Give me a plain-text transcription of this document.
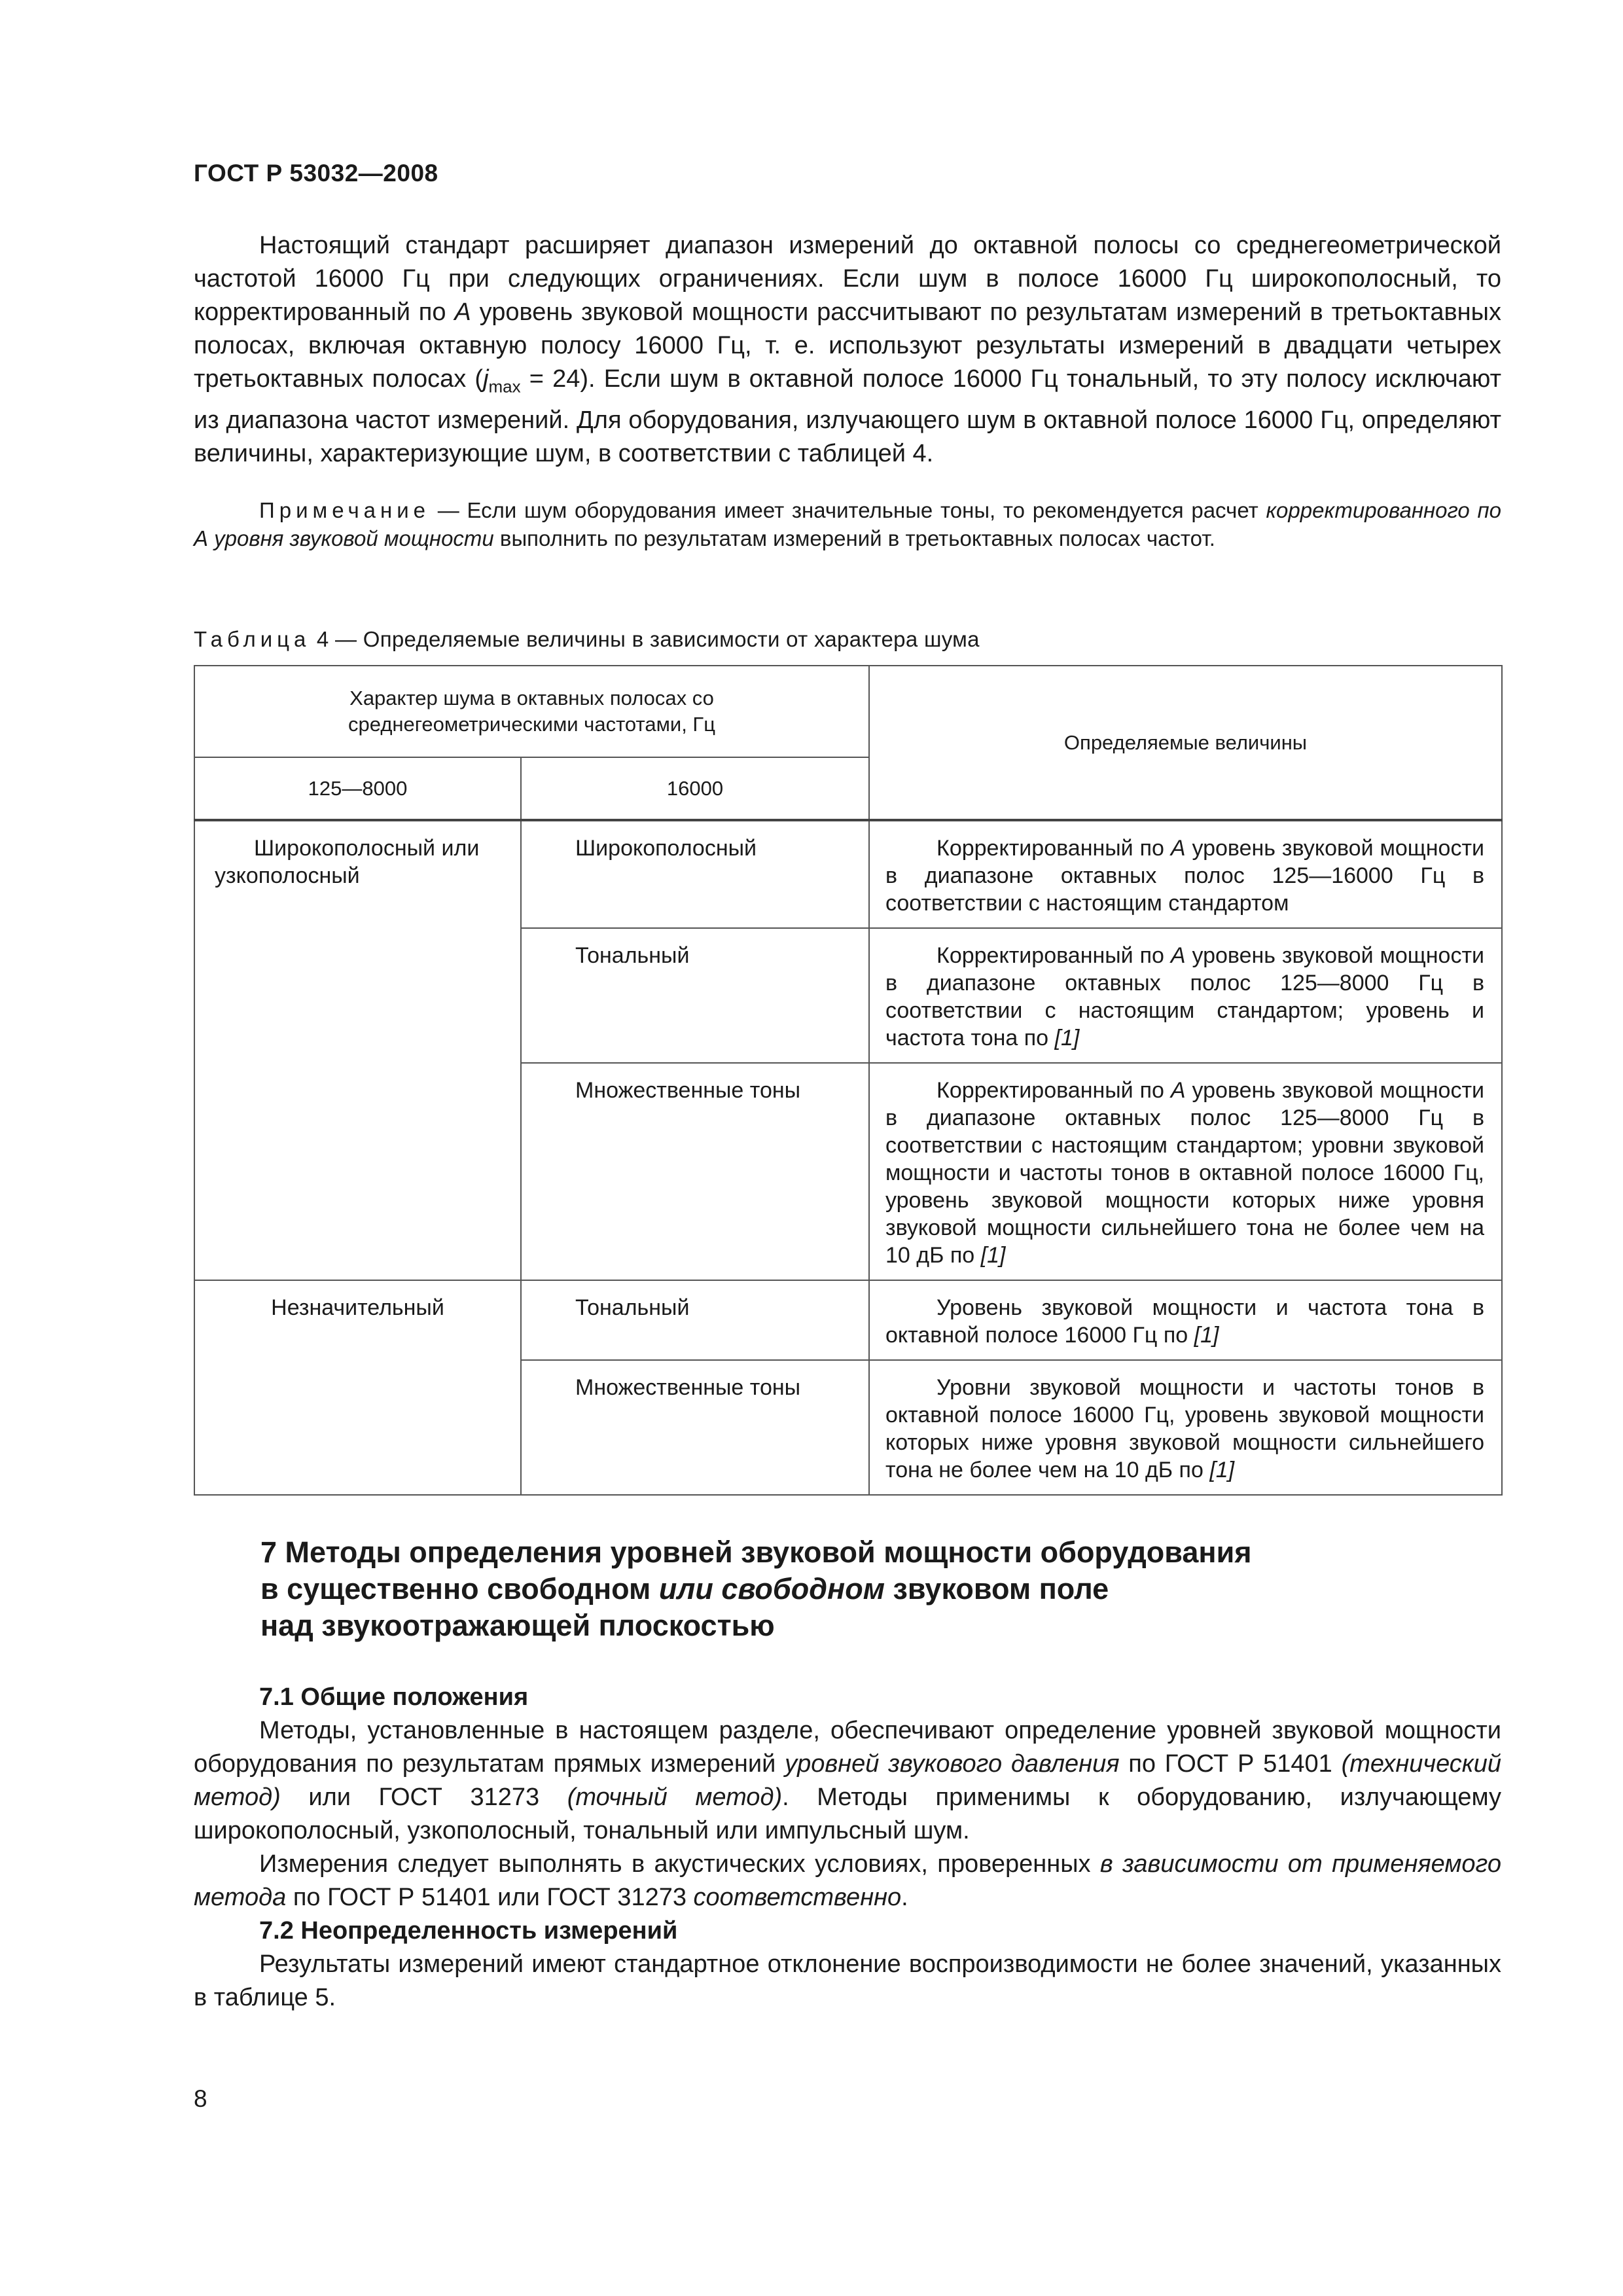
ГОСТ Р 53032—2008

Настоящий стандарт расширяет диапазон измерений до октавной полосы со среднегеометрической частотой 16000 Гц при следующих ограничениях. Если шум в полосе 16000 Гц широкополосный, то корректированный по А уровень звуковой мощности рассчитывают по результатам измерений в третьоктавных полосах, включая октавную полосу 16000 Гц, т. е. используют результаты измерений в двадцати четырех третьоктавных полосах $(j_{max} = 24)$. Если шум в октавной полосе 16000 Гц тональный, то эту полосу исключают из диапазона частот измерений. Для оборудования, излучающего шум в октавной полосе 16000 Гц, определяют величины, характеризующие шум, в соответствии с таблицей 4.

Примечание — Если шум оборудования имеет значительные тоны, то рекомендуется расчет корректированного по А уровня звуковой мощности выполнить по результатам измерений в третьоктавных полосах частот.

Таблица 4 — Определяемые величины в зависимости от характера шума
Характер шума в октавных полосах со среднегеометрическими частотами, Гц		Определяемые величины
125—8000	16000	
Широкополосный или узкополосный	Широкополосный	Корректированный по А уровень звуковой мощности в диапазоне октавных полос 125—16000 Гц в соответствии с настоящим стандартом
	Тональный	Корректированный по А уровень звуковой мощности в диапазоне октавных полос 125—8000 Гц в соответствии с настоящим стандартом; уровень и частота тона по [1]
	Множественные тоны	Корректированный по А уровень звуковой мощности в диапазоне октавных полос 125—8000 Гц в соответствии с настоящим стандартом; уровни звуковой мощности и частоты тонов в октавной полосе 16000 Гц, уровень звуковой мощности которых ниже уровня звуковой мощности сильнейшего тона не более чем на 10 дБ по [1]
Незначительный	Тональный	Уровень звуковой мощности и частота тона в октавной полосе 16000 Гц по [1]
	Множественные тоны	Уровни звуковой мощности и частоты тонов в октавной полосе 16000 Гц, уровень звуковой мощности которых ниже уровня звуковой мощности сильнейшего тона не более чем на 10 дБ по [1]
7 Методы определения уровней звуковой мощности оборудования
в существенно свободном или свободном звуковом поле
над звукоотражающей плоскостью

7.1 Общие положения

Методы, установленные в настоящем разделе, обеспечивают определение уровней звуковой мощности оборудования по результатам прямых измерений уровней звукового давления по ГОСТ Р 51401 (технический метод) или ГОСТ 31273 (точный метод). Методы применимы к оборудованию, излучающему широкополосный, узкополосный, тональный или импульсный шум.

Измерения следует выполнять в акустических условиях, проверенных в зависимости от применяемого метода по ГОСТ Р 51401 или ГОСТ 31273 соответственно.

7.2 Неопределенность измерений

Результаты измерений имеют стандартное отклонение воспроизводимости не более значений, указанных в таблице 5.

8
